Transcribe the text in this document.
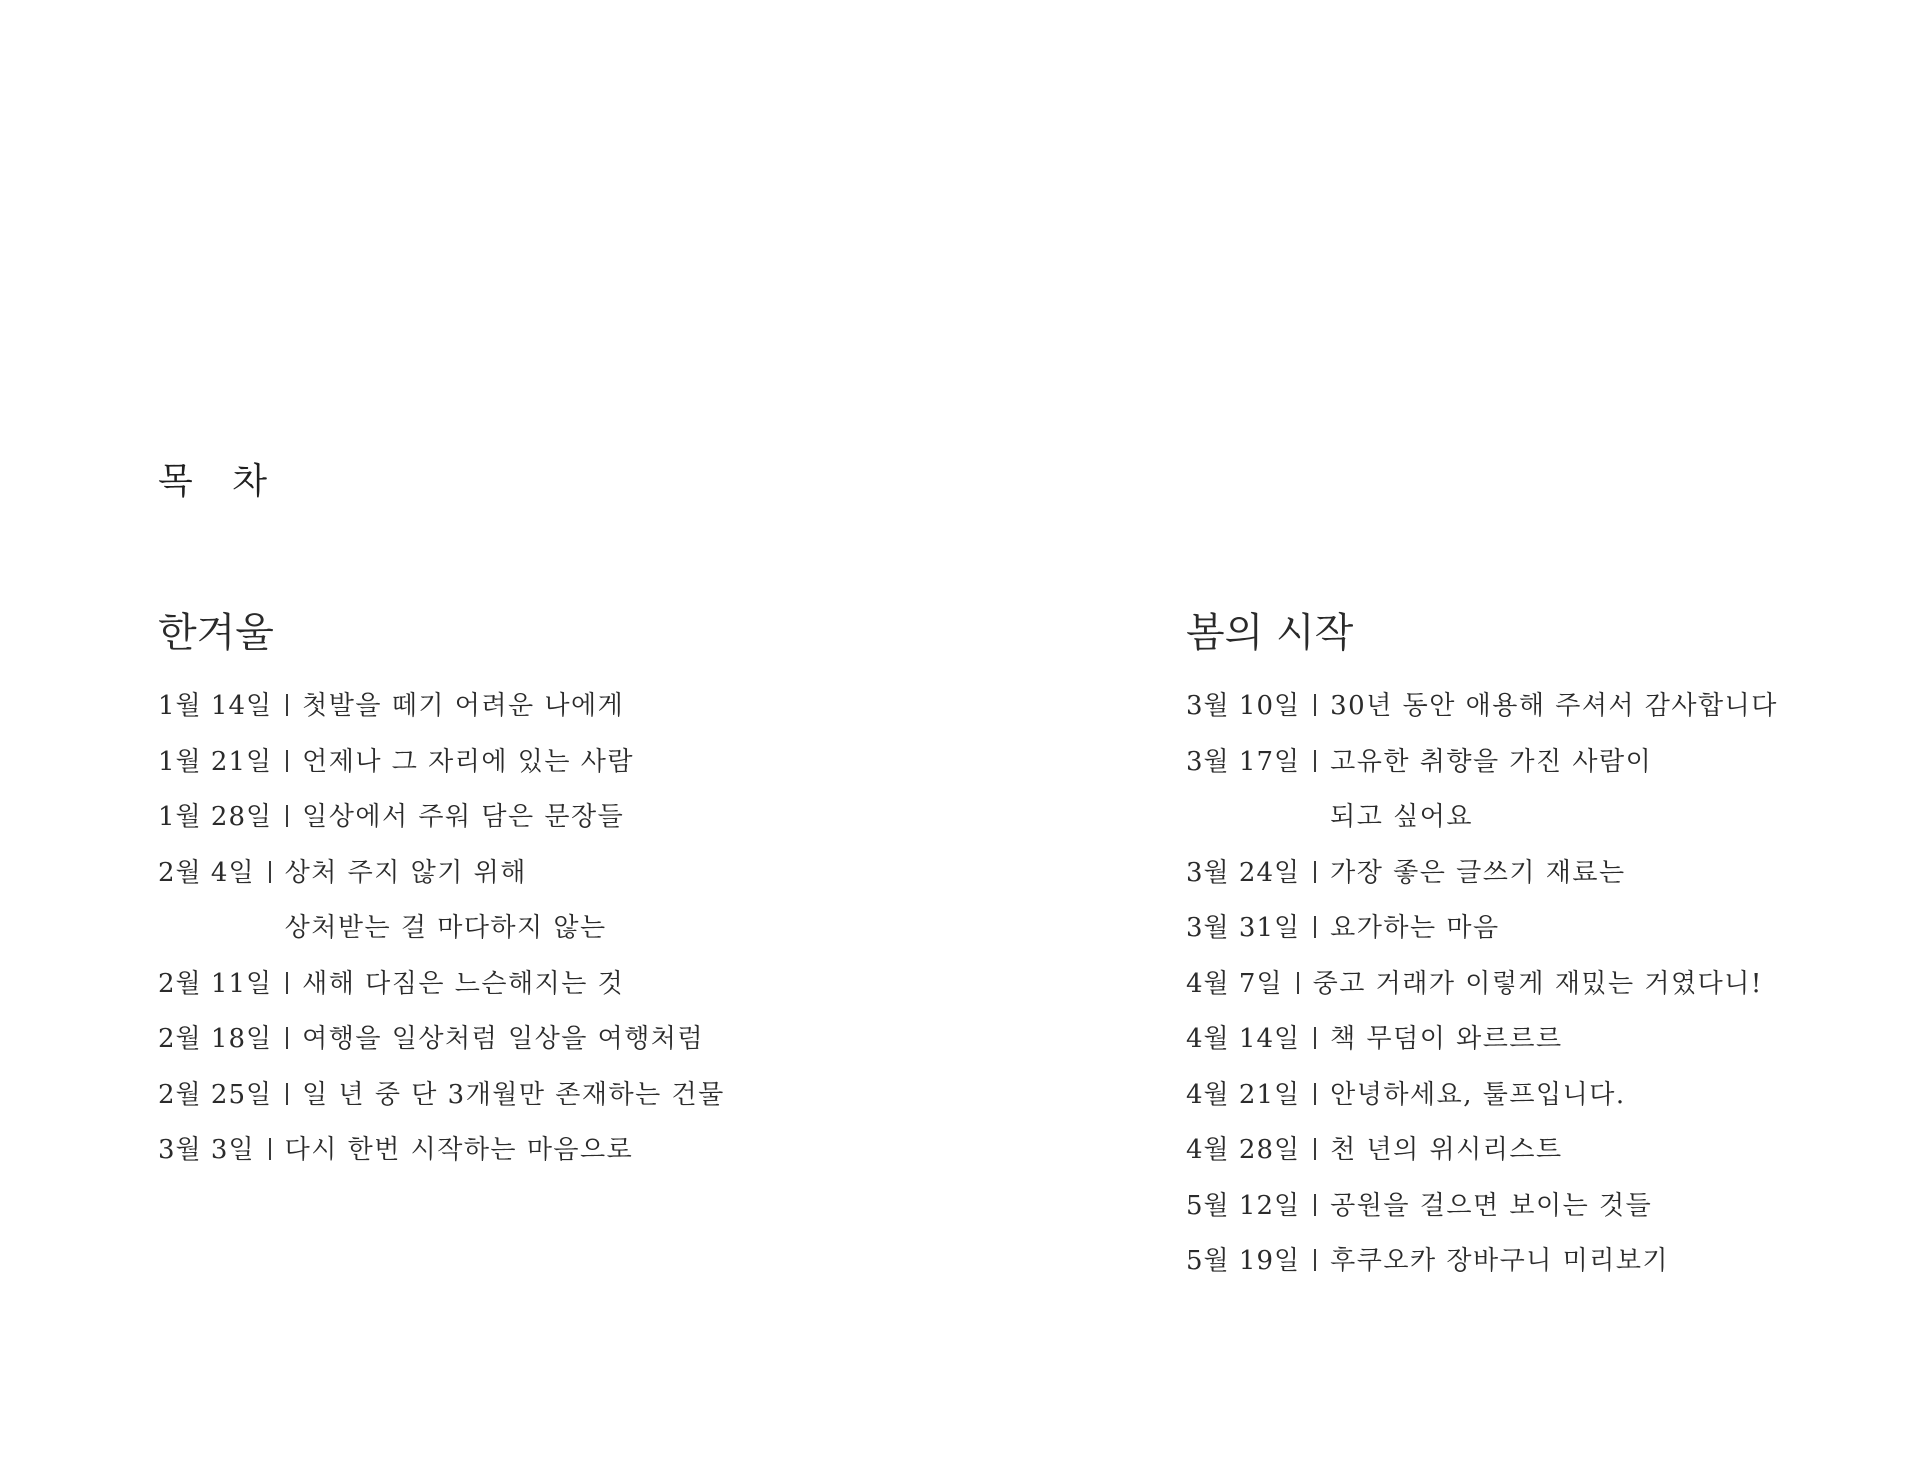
목 차
한겨울
1월 14일 첫발을 떼기 어려운 나에게
1월 21일 언제나 그 자리에 있는 사람
1월 28일 일상에서 주워 담은 문장들
2월 4일 상처 주지 않기 위해
상처받는 걸 마다하지 않는
2월 11일 새해 다짐은 느슨해지는 것
2월 18일 여행을 일상처럼 일상을 여행처럼
2월 25일 일 년 중 단 3개월만 존재하는 건물
3월 3일 다시 한번 시작하는 마음으로
봄의 시작
3월 10일 30년 동안 애용해 주셔서 감사합니다
3월 17일 고유한 취향을 가진 사람이
되고 싶어요
3월 24일 가장 좋은 글쓰기 재료는
3월 31일 요가하는 마음
4월 7일 중고 거래가 이렇게 재밌는 거였다니!
4월 14일 책 무덤이 와르르르
4월 21일 안녕하세요, 툴프입니다.
4월 28일 천 년의 위시리스트
5월 12일 공원을 걸으면 보이는 것들
5월 19일 후쿠오카 장바구니 미리보기
